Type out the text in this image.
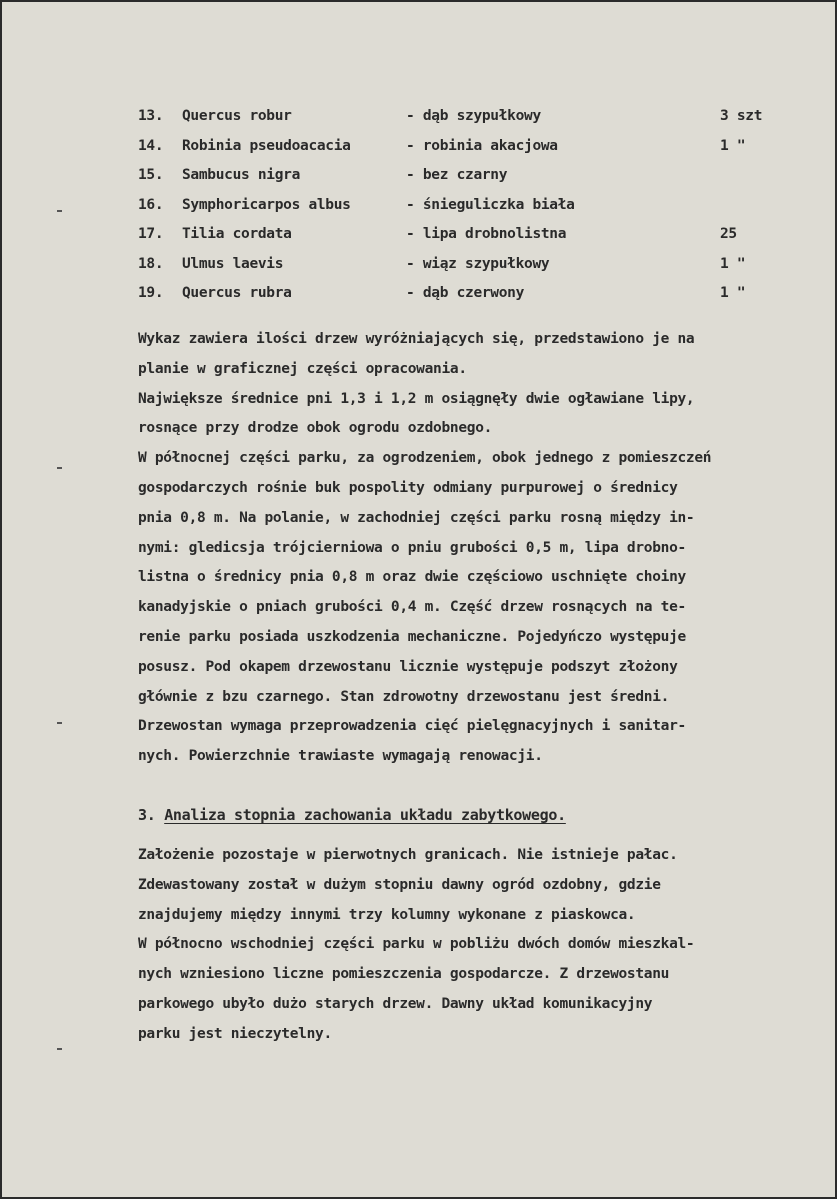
13.	Quercus robur	- dąb szypułkowy	3 szt
14.	Robinia pseudoacacia	- robinia akacjowa	1 "
15.	Sambucus nigra	- bez czarny
16.	Symphoricarpos albus	- śnieguliczka biała
17.	Tilia cordata	- lipa drobnolistna	25
18.	Ulmus laevis	- wiąz szypułkowy	1 "
19.	Quercus rubra	- dąb czerwony	1 "
Wykaz zawiera ilości drzew wyróżniających się, przedstawiono je na
planie w graficznej części opracowania.
Największe średnice pni 1,3 i 1,2 m osiągnęły dwie ogławiane lipy,
rosnące przy drodze obok ogrodu ozdobnego.
W północnej części parku, za ogrodzeniem, obok jednego z pomieszczeń
gospodarczych rośnie buk pospolity odmiany purpurowej o średnicy
pnia 0,8 m. Na polanie, w zachodniej części parku rosną między in-
nymi: gledicsja trójcierniowa o pniu grubości 0,5 m, lipa drobno-
listna o średnicy pnia 0,8 m oraz dwie częściowo uschnięte choiny
kanadyjskie o pniach grubości 0,4 m. Część drzew rosnących na te-
renie parku posiada uszkodzenia mechaniczne. Pojedyńczo występuje
posusz. Pod okapem drzewostanu licznie występuje podszyt złożony
głównie z bzu czarnego. Stan zdrowotny drzewostanu jest średni.
Drzewostan wymaga przeprowadzenia cięć pielęgnacyjnych i sanitar-
nych. Powierzchnie trawiaste wymagają renowacji.
3. Analiza stopnia zachowania układu zabytkowego.
Założenie pozostaje w pierwotnych granicach. Nie istnieje pałac.
Zdewastowany został w dużym stopniu dawny ogród ozdobny, gdzie
znajdujemy między innymi trzy kolumny wykonane z piaskowca.
W północno wschodniej części parku w pobliżu dwóch domów mieszkal-
nych wzniesiono liczne pomieszczenia gospodarcze. Z drzewostanu
parkowego ubyło dużo starych drzew. Dawny układ komunikacyjny
parku jest nieczytelny.
